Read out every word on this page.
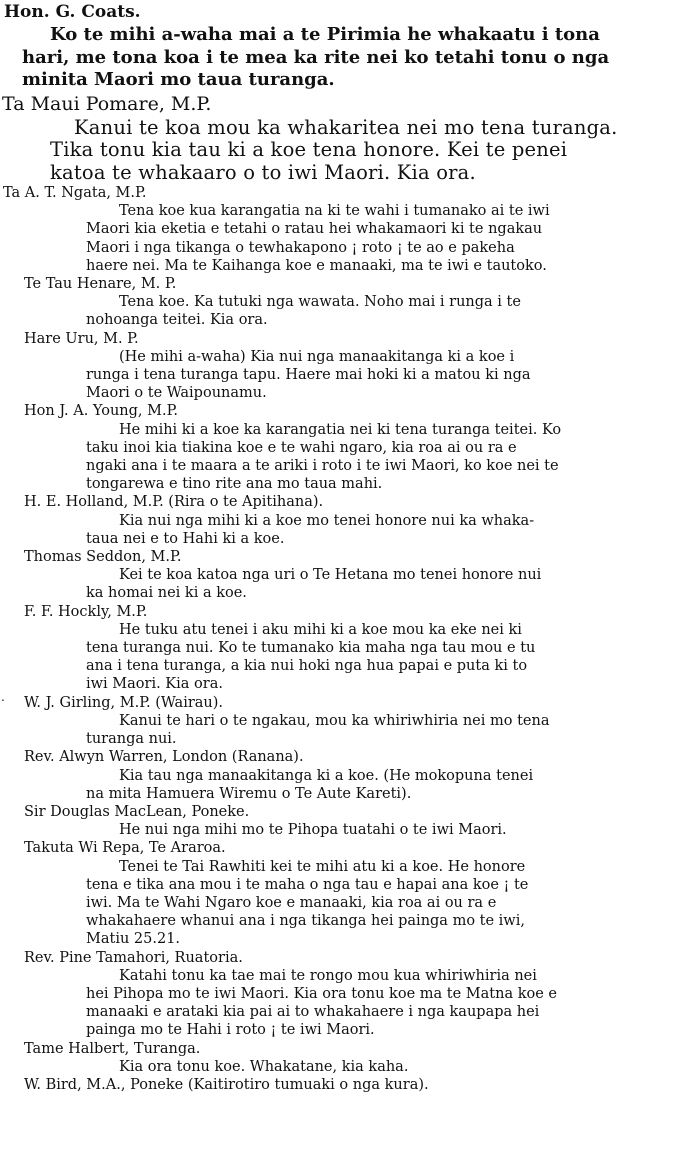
.
Hon. G. Coats.
Ko te mihi a-waha mai a te Pirimia he whakaatu i tona
hari, me tona koa i te mea ka rite nei ko tetahi tonu o nga
minita Maori mo taua turanga.
Ta Maui Pomare, M.P.
Kanui te koa mou ka whakaritea nei mo tena turanga.
Tika tonu kia tau ki a koe tena honore. Kei te penei
katoa te whakaaro o to iwi Maori. Kia ora.
Ta A. T. Ngata, M.P.
Tena koe kua karangatia na ki te wahi i tumanako ai te iwi
Maori kia eketia e tetahi o ratau hei whakamaori ki te ngakau
Maori i nga tikanga o tewhakapono ¡ roto ¡ te ao e pakeha
haere nei. Ma te Kaihanga koe e manaaki, ma te iwi e tautoko.
Te Tau Henare, M. P.
Tena koe. Ka tutuki nga wawata. Noho mai i runga i te
nohoanga teitei. Kia ora.
Hare Uru, M. P.
(He mihi a-waha) Kia nui nga manaakitanga ki a koe i
runga i tena turanga tapu. Haere mai hoki ki a matou ki nga
Maori o te Waipounamu.
Hon J. A. Young, M.P.
He mihi ki a koe ka karangatia nei ki tena turanga teitei. Ko
taku inoi kia tiakina koe e te wahi ngaro, kia roa ai ou ra e
ngaki ana i te maara a te ariki i roto i te iwi Maori, ko koe nei te
tongarewa e tino rite ana mo taua mahi.
H. E. Holland, M.P. (Rira o te Apitihana).
Kia nui nga mihi ki a koe mo tenei honore nui ka whaka-
taua nei e to Hahi ki a koe.
Thomas Seddon, M.P.
Kei te koa katoa nga uri o Te Hetana mo tenei honore nui
ka homai nei ki a koe.
F. F. Hockly, M.P.
He tuku atu tenei i aku mihi ki a koe mou ka eke nei ki
tena turanga nui. Ko te tumanako kia maha nga tau mou e tu
ana i tena turanga, a kia nui hoki nga hua papai e puta ki to
iwi Maori. Kia ora.
W. J. Girling, M.P. (Wairau).
Kanui te hari o te ngakau, mou ka whiriwhiria nei mo tena
turanga nui.
Rev. Alwyn Warren, London (Ranana).
Kia tau nga manaakitanga ki a koe. (He mokopuna tenei
na mita Hamuera Wiremu o Te Aute Kareti).
Sir Douglas MacLean, Poneke.
He nui nga mihi mo te Pihopa tuatahi o te iwi Maori.
Takuta Wi Repa, Te Araroa.
Tenei te Tai Rawhiti kei te mihi atu ki a koe. He honore
tena e tika ana mou i te maha o nga tau e hapai ana koe ¡ te
iwi. Ma te Wahi Ngaro koe e manaaki, kia roa ai ou ra e
whakahaere whanui ana i nga tikanga hei painga mo te iwi,
Matiu 25.21.
Rev. Pine Tamahori, Ruatoria.
Katahi tonu ka tae mai te rongo mou kua whiriwhiria nei
hei Pihopa mo te iwi Maori. Kia ora tonu koe ma te Matna koe e
manaaki e arataki kia pai ai to whakahaere i nga kaupapa hei
painga mo te Hahi i roto ¡ te iwi Maori.
Tame Halbert, Turanga.
Kia ora tonu koe. Whakatane, kia kaha.
W. Bird, M.A., Poneke (Kaitirotiro tumuaki o nga kura).
